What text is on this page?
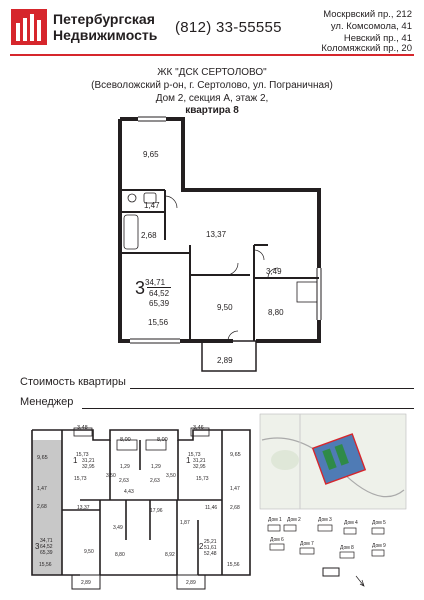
Петербургская
Недвижимость (812) 33-55555
Москрвский пр., 212
ул. Комсомола, 41
Невский пр., 41
Коломяжский пр., 20
ЖК "ДСК СЕРТОЛОВО"
(Всеволожский р-он, г. Сертолово, ул. Пограничная)
Дом 2, секция А, этаж 2,
квартира 8
9,65
1,47
2,68	13,37
3,49
15,56
9,50
8,80
2,89
3 34,71
64,52
65,39
Стоимость квартиры
Менеджер
3,48
8,00	8,00
3,46
9,65	15,73
31,21
32,95	1,29	1,29
15,73
31,21
32,95
9,65
3,50
2,63	2,63
3,50
15,73	15,73
1,47	4,43	1,47
2,68	13,37	17,96	11,46	2,68
3,49
1,87
34,71
64,52
65,39	9,50	8,80	8,92
25,21
51,61
52,48
15,56	15,56
2,89	2,89
1	1
3	2
Дом 1 Дом 2	Дом 3 Дом 4	Дом 5
Дом 6
Дом 7
Дом 8	Дом 9
